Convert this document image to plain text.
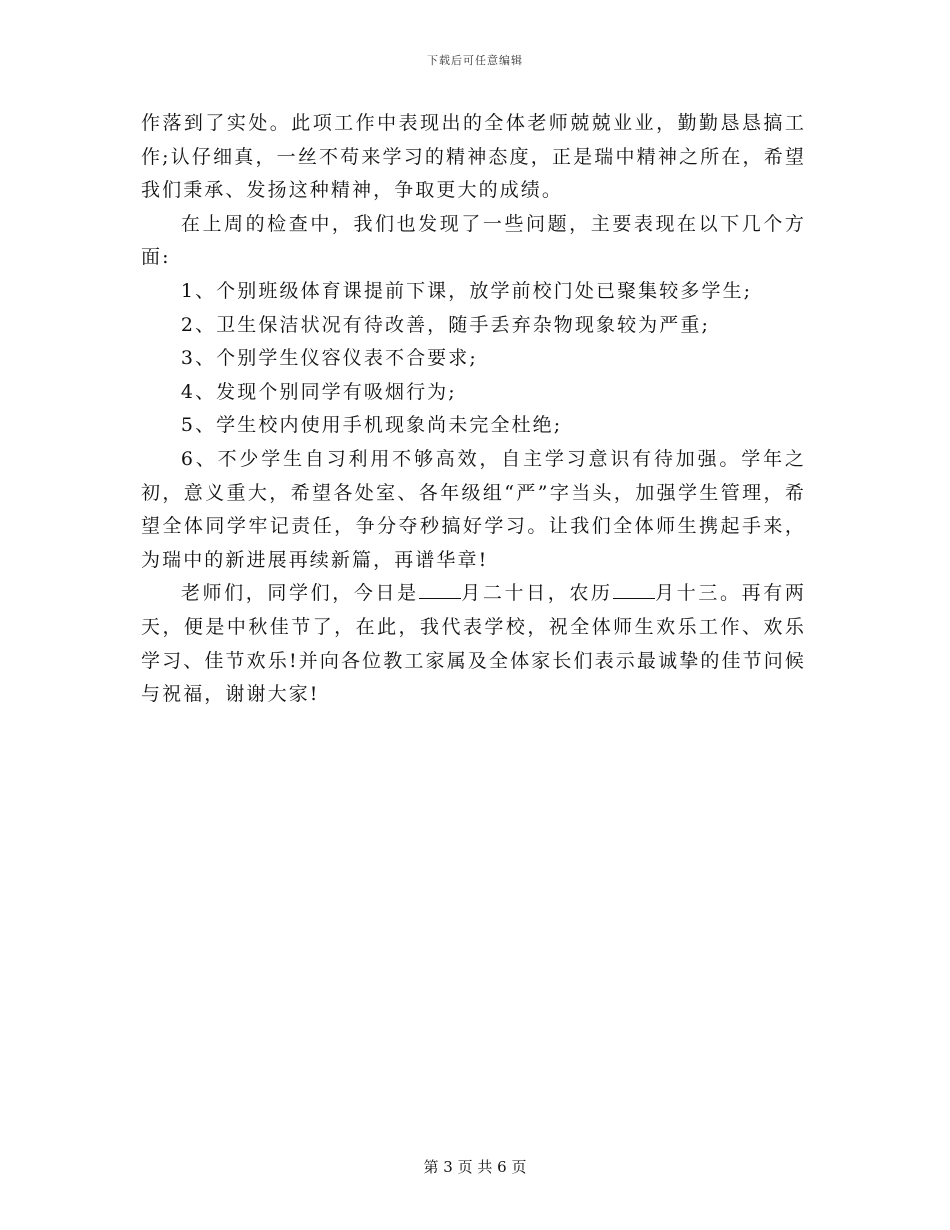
下载后可任意编辑

作落到了实处。此项工作中表现出的全体老师兢兢业业，勤勤恳恳搞工作;认仔细真，一丝不苟来学习的精神态度，正是瑞中精神之所在，希望我们秉承、发扬这种精神，争取更大的成绩。

在上周的检查中，我们也发现了一些问题，主要表现在以下几个方面:

1、个别班级体育课提前下课，放学前校门处已聚集较多学生;

2、卫生保洁状况有待改善，随手丢弃杂物现象较为严重;

3、个别学生仪容仪表不合要求;

4、发现个别同学有吸烟行为;

5、学生校内使用手机现象尚未完全杜绝;

6、不少学生自习利用不够高效，自主学习意识有待加强。学年之初，意义重大，希望各处室、各年级组“严”字当头，加强学生管理，希望全体同学牢记责任，争分夺秒搞好学习。让我们全体师生携起手来，为瑞中的新进展再续新篇，再谱华章!

老师们，同学们，今日是 月二十日，农历 月十三。再有两天，便是中秋佳节了，在此，我代表学校，祝全体师生欢乐工作、欢乐学习、佳节欢乐!并向各位教工家属及全体家长们表示最诚挚的佳节问候与祝福，谢谢大家!

第 3 页 共 6 页
